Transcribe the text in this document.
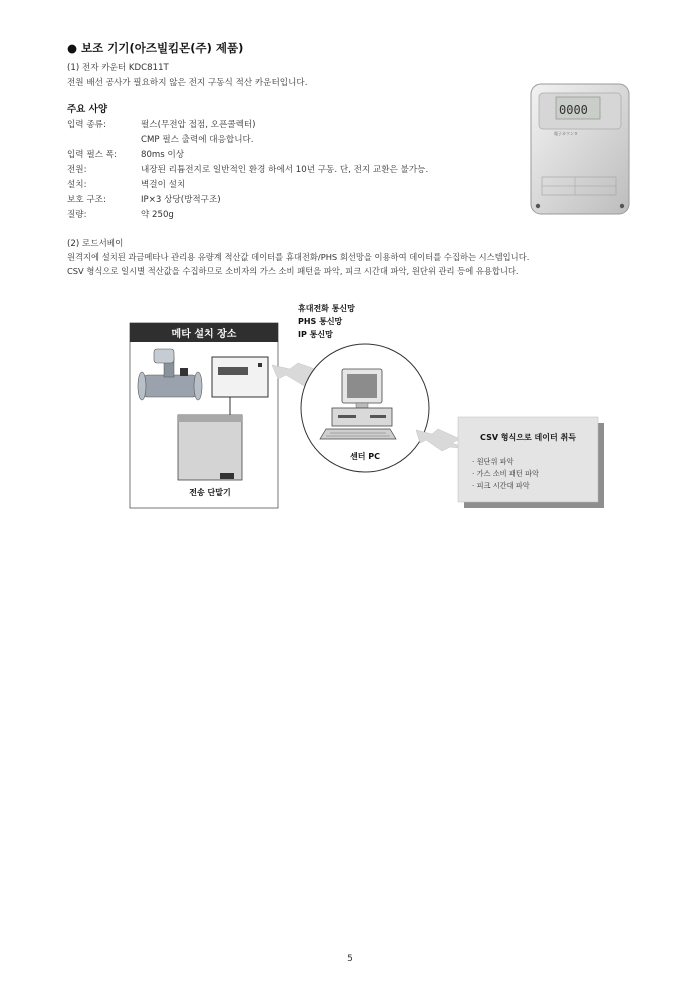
● 보조 기기(아즈빌킴몬(주) 제품)
(1) 전자 카운터 KDC811T
전원 배선 공사가 필요하지 않은 전지 구동식 적산 카운터입니다.
주요 사양
입력 종류:	펄스(무전압 접점, 오픈콜렉터)
CMP 펄스 출력에 대응합니다.
입력 펄스 폭:	80ms 이상
전원:	내장된 리튬전지로 일반적인 환경 하에서 10년 구동. 단, 전지 교환은 불가능.
설치:	벽걸이 설치
보호 구조:	IP×3 상당(방적구조)
질량:	약 250g
0000
電子カウンタ
(2) 로드서베이
원격지에 설치된 과금메타나 관리용 유량계 적산값 데이터를 휴대전화/PHS 회선망을 이용하여 데이터를 수집하는 시스템입니다.
CSV 형식으로 일시별 적산값을 수집하므로 소비자의 가스 소비 패턴을 파악, 피크 시간대 파악, 원단위 관리 등에 유용합니다.
메타 설치 장소
전송 단말기
휴대전화 통신망
PHS 통신망
IP 통신망
센터 PC
CSV 형식으로 데이터 취득
· 원단위 파악
· 가스 소비 패턴 파악
· 피크 시간대 파악
5
